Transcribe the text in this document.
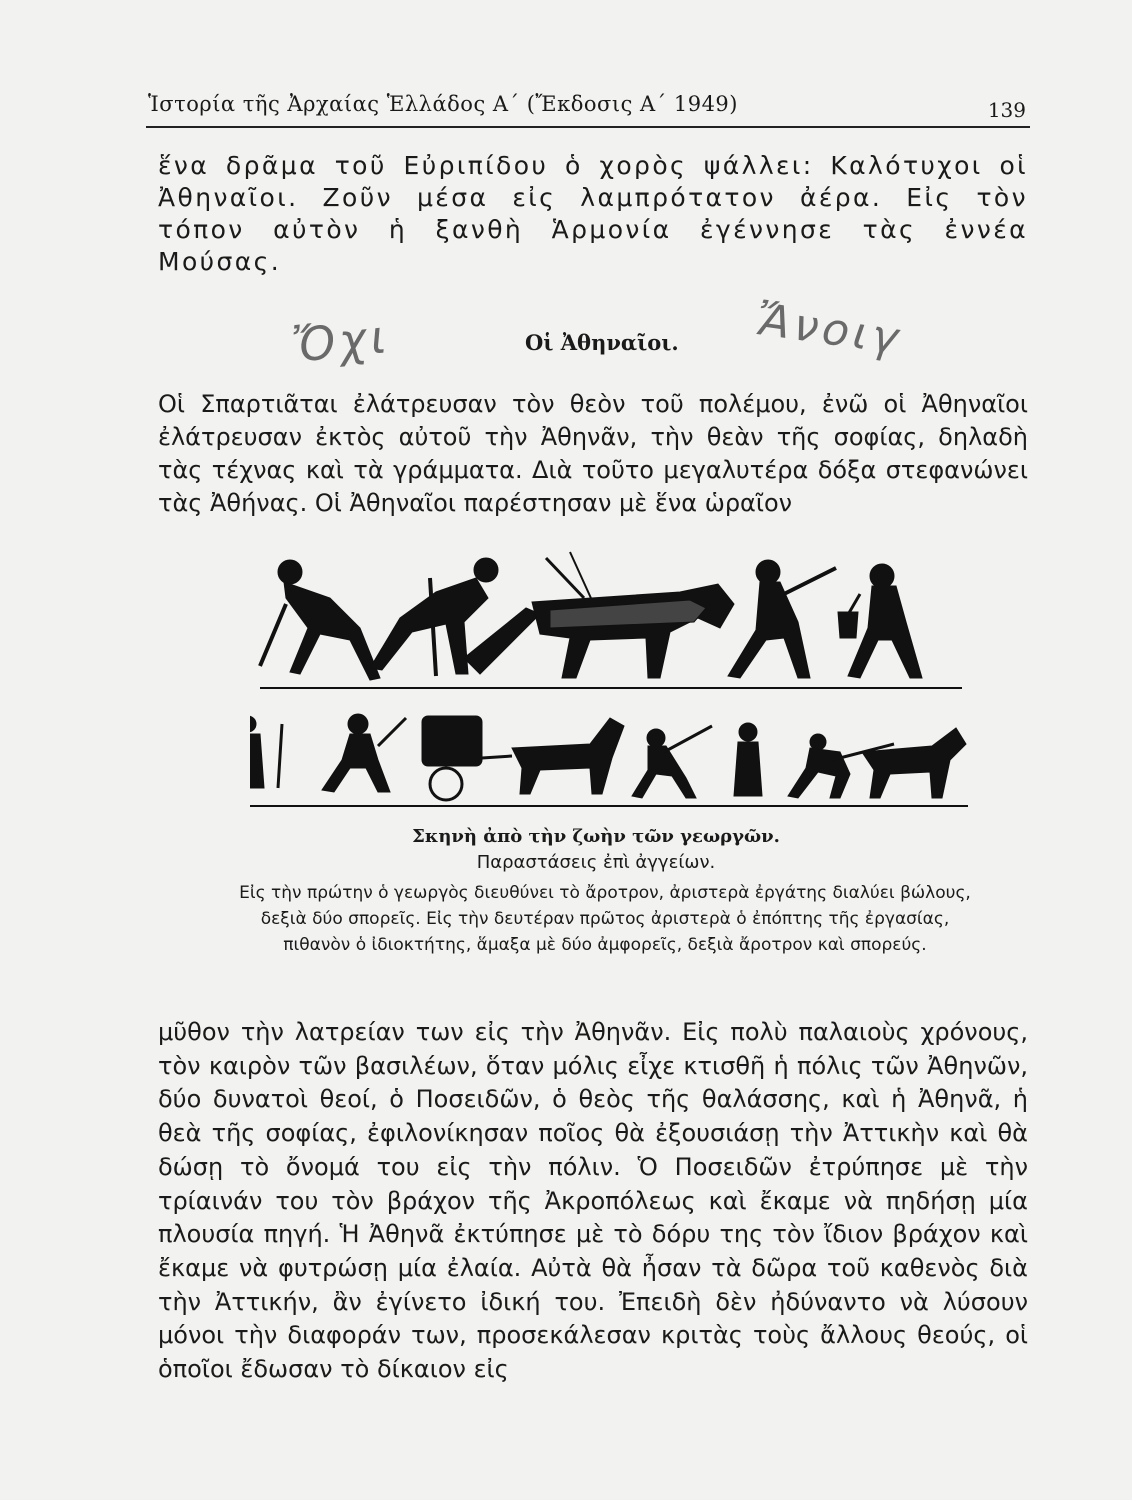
Ἱστορία τῆς Ἀρχαίας Ἑλλάδος Α΄ (Ἔκδοσις Α΄ 1949)	139

ἕνα δρᾶμα τοῦ Εὐριπίδου ὁ χορὸς ψάλλει: Καλότυχοι οἱ Ἀθηναῖοι. Ζοῦν μέσα εἰς λαμπρότατον ἀέρα. Εἰς τὸν τόπον αὐτὸν ἡ ξανθὴ Ἁρμονία ἐγέννησε τὰς ἐννέα Μούσας.

Ὄχι	Οἱ Ἀθηναῖοι. Ἄνοιγ

Οἱ Σπαρτιᾶται ἐλάτρευσαν τὸν θεὸν τοῦ πολέμου, ἐνῶ οἱ Ἀθηναῖοι ἐλάτρευσαν ἐκτὸς αὐτοῦ τὴν Ἀθηνᾶν, τὴν θεὰν τῆς σοφίας, δηλαδὴ τὰς τέχνας καὶ τὰ γράμματα. Διὰ τοῦτο μεγαλυτέρα δόξα στεφανώνει τὰς Ἀθήνας. Οἱ Ἀθηναῖοι παρέστησαν μὲ ἕνα ὡραῖον

Σκηνὴ ἀπὸ τὴν ζωὴν τῶν γεωργῶν.
Παραστάσεις ἐπὶ ἀγγείων.

Εἰς τὴν πρώτην ὁ γεωργὸς διευθύνει τὸ ἄροτρον, ἀριστερὰ ἐργάτης διαλύει βώλους, δεξιὰ δύο σπορεῖς. Εἰς τὴν δευτέραν πρῶτος ἀριστερὰ ὁ ἐπόπτης τῆς ἐργασίας, πιθανὸν ὁ ἰδιοκτήτης, ἅμαξα μὲ δύο ἀμφορεῖς, δεξιὰ ἄροτρον καὶ σπορεύς.

μῦθον τὴν λατρείαν των εἰς τὴν Ἀθηνᾶν. Εἰς πολὺ παλαιοὺς χρόνους, τὸν καιρὸν τῶν βασιλέων, ὅταν μόλις εἶχε κτισθῆ ἡ πόλις τῶν Ἀθηνῶν, δύο δυνατοὶ θεοί, ὁ Ποσειδῶν, ὁ θεὸς τῆς θαλάσσης, καὶ ἡ Ἀθηνᾶ, ἡ θεὰ τῆς σοφίας, ἐφιλονίκησαν ποῖος θὰ ἐξουσιάσῃ τὴν Ἀττικὴν καὶ θὰ δώσῃ τὸ ὄνομά του εἰς τὴν πόλιν. Ὁ Ποσειδῶν ἐτρύπησε μὲ τὴν τρίαινάν του τὸν βράχον τῆς Ἀκροπόλεως καὶ ἔκαμε νὰ πηδήσῃ μία πλουσία πηγή. Ἡ Ἀθηνᾶ ἐκτύπησε μὲ τὸ δόρυ της τὸν ἴδιον βράχον καὶ ἔκαμε νὰ φυτρώσῃ μία ἐλαία. Αὐτὰ θὰ ἦσαν τὰ δῶρα τοῦ καθενὸς διὰ τὴν Ἀττικήν, ἂν ἐγίνετο ἰδική του. Ἐπειδὴ δὲν ἠδύναντο νὰ λύσουν μόνοι τὴν διαφοράν των, προσεκάλεσαν κριτὰς τοὺς ἄλλους θεούς, οἱ ὁποῖοι ἔδωσαν τὸ δίκαιον εἰς
